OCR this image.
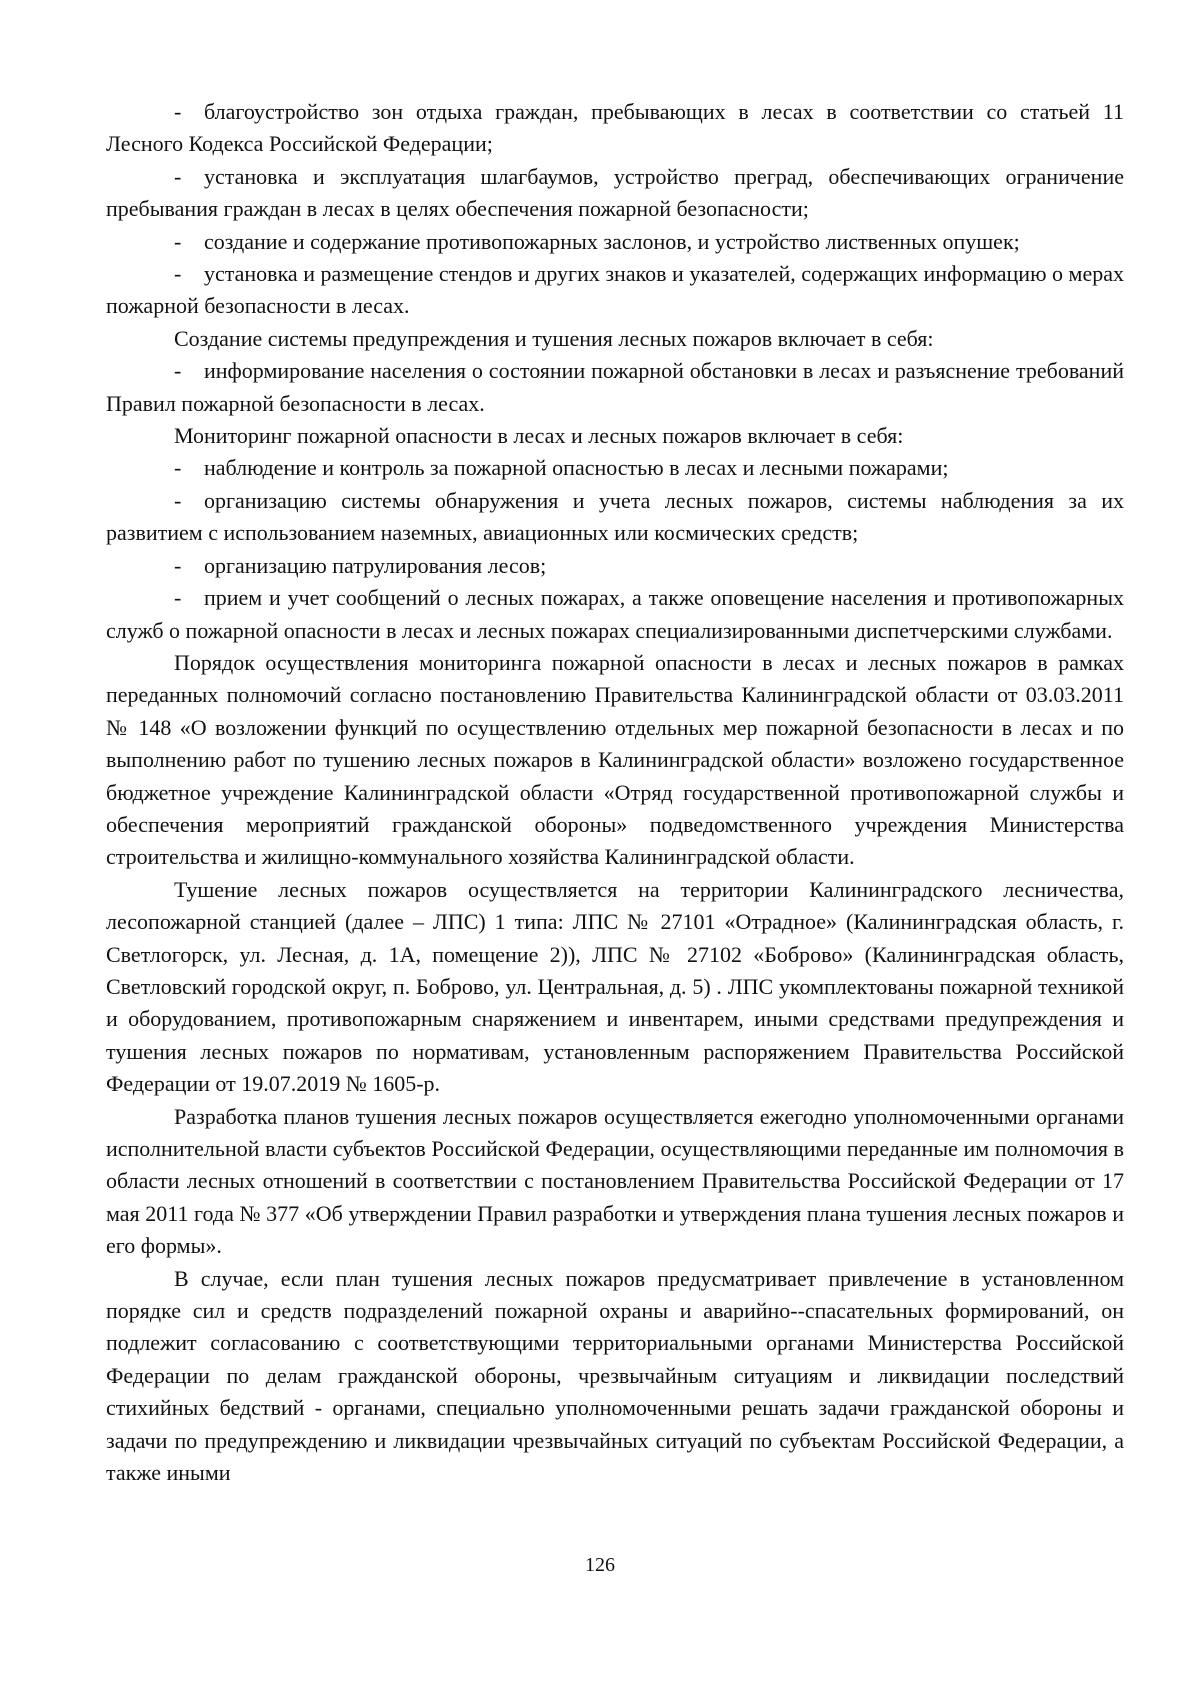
- благоустройство зон отдыха граждан, пребывающих в лесах в соответствии со статьей 11 Лесного Кодекса Российской Федерации;

- установка и эксплуатация шлагбаумов, устройство преград, обеспечивающих ограничение пребывания граждан в лесах в целях обеспечения пожарной безопасности;

- создание и содержание противопожарных заслонов, и устройство лиственных опушек;

- установка и размещение стендов и других знаков и указателей, содержащих информацию о мерах пожарной безопасности в лесах.

Создание системы предупреждения и тушения лесных пожаров включает в себя:

- информирование населения о состоянии пожарной обстановки в лесах и разъяснение требований Правил пожарной безопасности в лесах.

Мониторинг пожарной опасности в лесах и лесных пожаров включает в себя:

- наблюдение и контроль за пожарной опасностью в лесах и лесными пожарами;

- организацию системы обнаружения и учета лесных пожаров, системы наблюдения за их развитием с использованием наземных, авиационных или космических средств;

- организацию патрулирования лесов;

- прием и учет сообщений о лесных пожарах, а также оповещение населения и противопожарных служб о пожарной опасности в лесах и лесных пожарах специализированными диспетчерскими службами.

Порядок осуществления мониторинга пожарной опасности в лесах и лесных пожаров в рамках переданных полномочий согласно постановлению Правительства Калининградской области от 03.03.2011 № 148 «О возложении функций по осуществлению отдельных мер пожарной безопасности в лесах и по выполнению работ по тушению лесных пожаров в Калининградской области» возложено государственное бюджетное учреждение Калининградской области «Отряд государственной противопожарной службы и обеспечения мероприятий гражданской обороны» подведомственного учреждения Министерства строительства и жилищно-коммунального хозяйства Калининградской области.

Тушение лесных пожаров осуществляется на территории Калининградского лесничества, лесопожарной станцией (далее – ЛПС) 1 типа: ЛПС № 27101 «Отрадное» (Калининградская область, г. Светлогорск, ул. Лесная, д. 1А, помещение 2)), ЛПС № 27102 «Боброво» (Калининградская область, Светловский городской округ, п. Боброво, ул. Центральная, д. 5) . ЛПС укомплектованы пожарной техникой и оборудованием, противопожарным снаряжением и инвентарем, иными средствами предупреждения и тушения лесных пожаров по нормативам, установленным распоряжением Правительства Российской Федерации от 19.07.2019 № 1605-р.

Разработка планов тушения лесных пожаров осуществляется ежегодно уполномоченными органами исполнительной власти субъектов Российской Федерации, осуществляющими переданные им полномочия в области лесных отношений в соответствии с постановлением Правительства Российской Федерации от 17 мая 2011 года № 377 «Об утверждении Правил разработки и утверждения плана тушения лесных пожаров и его формы».

В случае, если план тушения лесных пожаров предусматривает привлечение в установленном порядке сил и средств подразделений пожарной охраны и аварийно--спасательных формирований, он подлежит согласованию с соответствующими территориальными органами Министерства Российской Федерации по делам гражданской обороны, чрезвычайным ситуациям и ликвидации последствий стихийных бедствий - органами, специально уполномоченными решать задачи гражданской обороны и задачи по предупреждению и ликвидации чрезвычайных ситуаций по субъектам Российской Федерации, а также иными

126
